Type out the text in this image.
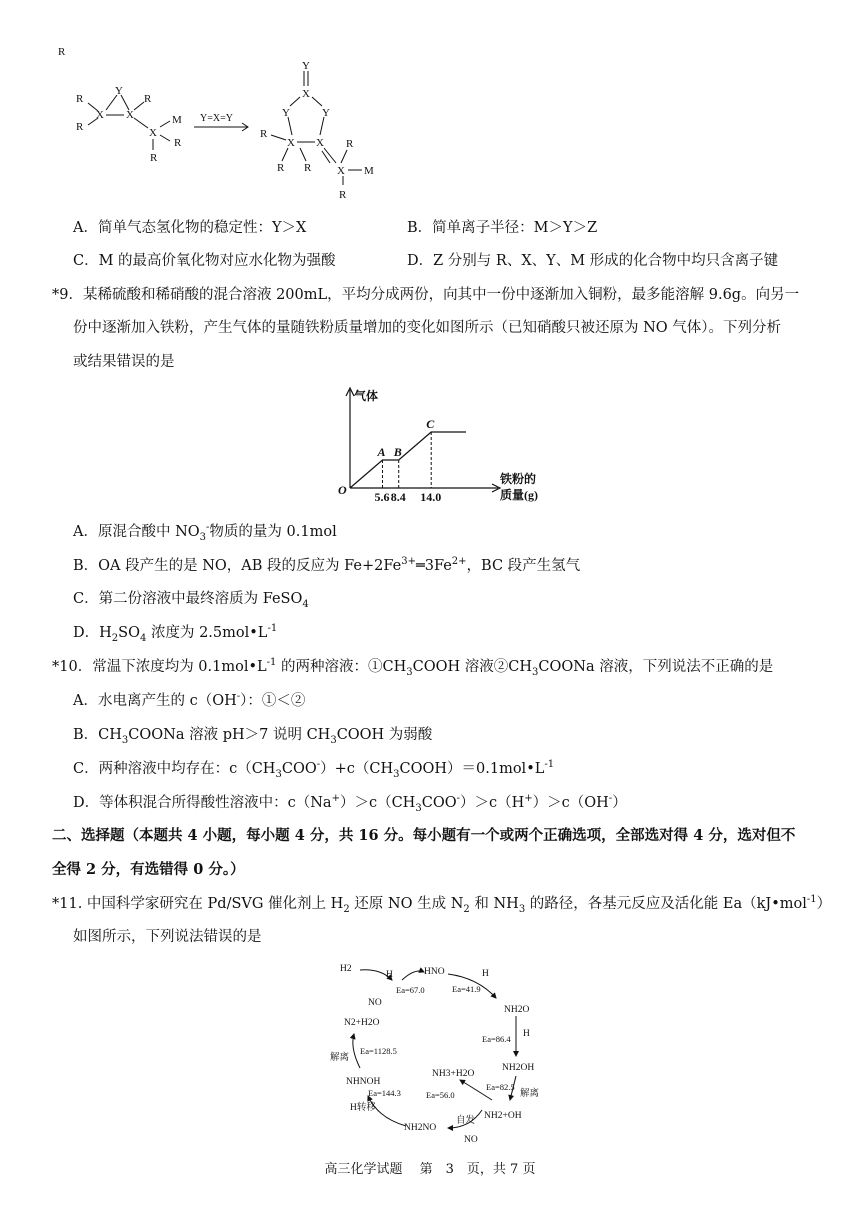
R
Y
R
R
X X
X
M
R
R
R
Y=X=Y
Y
X
Y	Y
R
X X R
X M
R R
R
A．简单气态氢化物的稳定性：Y＞X	B．简单离子半径：M＞Y＞Z
C．M 的最高价氧化物对应水化物为强酸	D．Z 分别与 R、X、Y、M 形成的化合物中均只含离子键
*9．某稀硫酸和稀硝酸的混合溶液 200mL，平均分成两份，向其中一份中逐渐加入铜粉，最多能溶解 9.6g。向另一
份中逐渐加入铁粉，产生气体的量随铁粉质量增加的变化如图所示（已知硝酸只被还原为 NO 气体）。下列分析
或结果错误的是
气体
铁粉的
质量(g)
O
A
5.6
B
8.4
C
14.0
A．原混合酸中 $NO_3^-$物质的量为 0.1mol
B．OA 段产生的是 NO，AB 段的反应为 $Fe+2Fe^{3+}═3Fe^{2+}$，BC 段产生氢气
C．第二份溶液中最终溶质为 FeSO$_4$
D．$H_2SO_4$ 浓度为 $2.5mol•L^{-1}$
*10．常温下浓度均为 $0.1mol•L^{-1}$ 的两种溶液：$①CH_3COOH$ 溶液$②CH_3COONa$ 溶液，下列说法不正确的是
A．水电离产生的 c（OH-）：①＜②
B．$CH_3COONa$ 溶液 pH＞7 说明 $CH_3COOH$ 为弱酸
C．两种溶液中均存在：$c(CH_3COO^-)+c(CH_3COOH)=0.1mol•L^{-1}$
D．等体积混合所得酸性溶液中：$c(Na^+)>c(CH_3COO^-)>c(H^+)>c(OH^-)$
二、选择题（本题共 4 小题，每小题 4 分，共 16 分。每小题有一个或两个正确选项，全部选对得 4 分，选对但不
全得 2 分，有选错得 0 分。）
*11. 中国科学家研究在 Pd/SVG 催化剂上 $H_2$ 还原 NO 生成 $N_2$ 和 $NH_3$ 的路径，各基元反应及活化能 Ea（kJ•mol$^{-1}$）
如图所示，下列说法错误的是
H2
H
NO
HNO
Ea=67.0
H
Ea=41.9
NH2O
Ea=86.4 H
NH2OH
Ea=82.5
解离
NH2+OH
自发
NO
NH3+H2O
Ea=56.0
NH2NO
H转移
Ea=144.3
NHNOH
解离
Ea=1128.5
N2+H2O
高三化学试题　 第　3　页，共 7 页
